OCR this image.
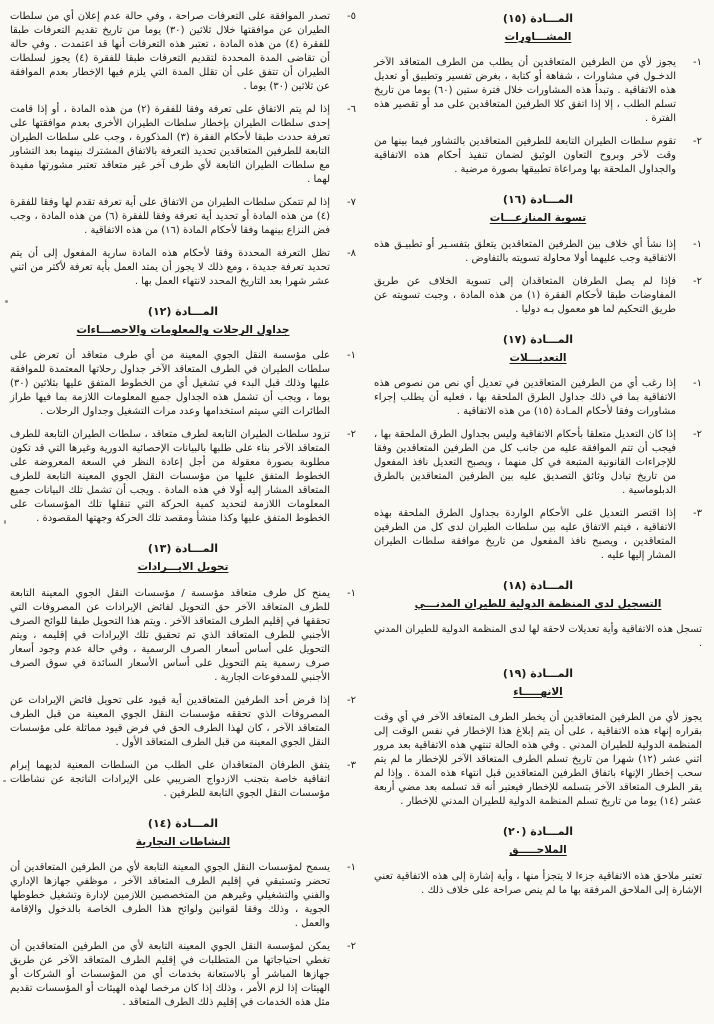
المـــادة (١٥)
المشـــاورات
١-
يجوز لأي من الطرفين المتعاقدين أن يطلب من الطرف المتعاقد الآخر الدخـول في مشاورات ، شفاهة أو كتابة ، بغرض تفسير وتطبيق أو تعديل هذه الاتفاقية . وتبدأ هذه المشاورات خلال فترة ستين (٦٠) يوما من تاريخ تسلم الطلب ، إلا إذا اتفق كلا الطرفين المتعاقدين على مد أو تقصير هذه الفترة .
٢-
تقوم سلطات الطيران التابعة للطرفين المتعاقدين بالتشاور فيما بينها من وقت لآخر وبروح التعاون الوثيق لضمان تنفيذ أحكام هذه الاتفاقية والجداول الملحقة بها ومراعاة تطبيقها بصورة مرضية .
المـــادة (١٦)
تسوية المنازعـــات
١-
إذا نشأ أي خلاف بين الطرفين المتعاقدين يتعلق بتفسـير أو تطبيـق هذه الاتفاقية وجب عليهما أولا محاولة تسويته بالتفاوض .
٢-
فإذا لم يصل الطرفان المتعاقدان إلى تسوية الخلاف عن طريق المفاوضات طبقا لأحكام الفقرة (١) من هذه المادة ، وجبت تسويته عن طريق التحكيم لما هو معمول بـه دوليا .
المـــادة (١٧)
التعديـــلات
١-
إذا رغب أي من الطرفين المتعاقدين في تعديل أي نص من نصوص هذه الاتفاقية بما في ذلك جداول الطرق الملحقة بها ، فعليه أن يطلب إجراء مشاورات وفقا لأحكام المـادة (١٥) من هذه الاتفاقية .
٢-
إذا كان التعديل متعلقا بأحكام الاتفاقية وليس بجداول الطرق الملحقة بها ، فيجب أن تتم الموافقة عليه من جانب كل من الطرفين المتعاقدين وفقا للإجراءات القانونية المتبعة في كل منهما ، ويصبح التعديل نافذ المفعول من تاريخ تبادل وثائق التصديق عليه بين الطرفين المتعاقدين بالطرق الدبلوماسية .
٣-
إذا اقتصر التعديل على الأحكام الواردة بجداول الطرق الملحقة بهذه الاتفاقية ، فيتم الاتفاق عليه بين سلطات الطيران لدى كل من الطرفين المتعاقدين ، ويصبح نافذ المفعول من تاريخ موافقة سلطات الطيران المشار إليها عليه .
المـــادة (١٨)
التسجيل لدى المنظمة الدولية للطيران المدنـــي

تسجل هذه الاتفاقية وأية تعديلات لاحقة لها لدى المنظمة الدولية للطيران المدني .

المـــادة (١٩)
الانهـــــاء

يجوز لأي من الطرفين المتعاقدين أن يخطر الطرف المتعاقد الآخر في أي وقت بقراره إنهاء هذه الاتفاقية ، على أن يتم إبلاغ هذا الإخطار في نفس الوقت إلى المنظمة الدولية للطيران المدني . وفي هذه الحالة تنتهي هذه الاتفاقية بعد مرور اثني عشر (١٢) شهرا من تاريخ تسلم الطرف المتعاقد الآخر للإخطار ما لم يتم سحب إخطار الإنهاء باتفاق الطرفين المتعاقدين قبل انتهاء هذه المدة . وإذا لم يقر الطرف المتعاقد الآخر بتسلمه للإخطار فيعتبر أنه قد تسلمه بعد مضي أربعة عشر (١٤) يوما من تاريخ تسلم المنظمة الدولية للطيران المدني للإخطار .

المـــادة (٢٠)
الملاحـــــق

تعتبر ملاحق هذه الاتفاقية جزءا لا يتجزأ منها ، وأية إشارة إلى هذه الاتفاقية تعني الإشارة إلى الملاحق المرفقة بها ما لم ينص صراحة على خلاف ذلك .

٥-
تصدر الموافقة على التعرفات صراحة ، وفي حالة عدم إعلان أي من سلطات الطيران عن موافقتها خلال ثلاثين (٣٠) يوما من تاريخ تقديم التعرفات طبقا للفقرة (٤) من هذه المادة ، تعتبر هذه التعرفات أنها قد اعتمدت . وفي حالة أن تقاضى المدة المحددة لتقديم التعرفات طبقا للفقرة (٤) يجوز لسلطات الطيران أن تتفق على أن تقلل المدة التي يلزم فيها الإخطار بعدم الموافقة عن ثلاثين (٣٠) يوما .
٦-
إذا لم يتم الاتفاق على تعرفة وفقا للفقرة (٢) من هذه المادة ، أو إذا قامت إحدى سلطات الطيران بإخطار سلطات الطيران الأخرى بعدم موافقتها على تعرفة حددت طبقا لأحكام الفقرة (٣) المذكورة ، وجب على سلطات الطيران التابعة للطرفين المتعاقدين تحديد التعرفة بالاتفاق المشترك بينهما بعد التشاور مع سلطات الطيران التابعة لأي طرف آخر غير متعاقد تعتبر مشورتها مفيدة لهما .
٧-
إذا لم تتمكن سلطات الطيران من الاتفاق على أية تعرفة تقدم لها وفقا للفقرة (٤) من هذه المادة أو تحديد أية تعرفة وفقا للفقرة (٦) من هذه المادة ، وجب فض النزاع بينهما وفقا لأحكام المادة (١٦) من هذه الاتفاقية .
٨-
تظل التعرفة المحددة وفقا لأحكام هذه المادة سارية المفعول إلى أن يتم تحديد تعرفة جديدة ، ومع ذلك لا يجوز أن يمتد العمل بأية تعرفة لأكثر من اثني عشر شهرا بعد التاريخ المحدد لانتهاء العمل بها .
المـــادة (١٢)
جداول الرحلات والمعلومات والاحصـــاءات
١-
على مؤسسة النقل الجوي المعينة من أي طرف متعاقد أن تعرض على سلطات الطيران في الطرف المتعاقد الآخر جداول رحلاتها المعتمدة للموافقة عليها وذلك قبل البدء في تشغيل أي من الخطوط المتفق عليها بثلاثين (٣٠) يوما ، ويجب أن تشمل هذه الجداول جميع المعلومات اللازمة بما فيها طراز الطائرات التي سيتم استخدامها وعدد مرات التشغيل وجداول الرحلات .
٢-
تزود سلطات الطيران التابعة لطرف متعاقد ، سلطات الطيران التابعة للطرف المتعاقد الآخر بناء على طلبها بالبيانات الإحصائية الدورية وغيرها التي قد تكون مطلوبة بصورة معقولة من أجل إعادة النظر في السعة المعروضة على الخطوط المتفق عليها من مؤسسات النقل الجوي المعينة التابعة للطرف المتعاقد المشار إليه أولا في هذه المادة . ويجب أن تشمل تلك البيانات جميع المعلومات اللازمة لتحديد كمية الحركة التي تنقلها تلك المؤسسات على الخطوط المتفق عليها وكذا منشأ ومقصد تلك الحركة وجهتها المقصودة .
المـــادة (١٣)
تحويل الايـــرادات
١-
يمنح كل طرف متعاقد مؤسسة / مؤسسات النقل الجوي المعينة التابعة للطرف المتعاقد الآخر حق التحويل لفائض الإيرادات عن المصروفات التي تحققها في إقليم الطرف المتعاقد الآخر . ويتم هذا التحويل طبقا للوائح الصرف الأجنبي للطرف المتعاقد الذي تم تحقيق تلك الإيرادات في إقليمه ، ويتم التحويل على أساس أسعار الصرف الرسمية ، وفي حالة عدم وجود أسعار صرف رسمية يتم التحويل على أساس الأسعار السائدة في سوق الصرف الأجنبي للمدفوعات الجارية .
٢-
إذا فرض أحد الطرفين المتعاقدين أية قيود على تحويل فائض الإيرادات عن المصروفات الذي تحققه مؤسسات النقل الجوي المعينة من قبل الطرف المتعاقد الآخر ، كان لهذا الطرف الحق في فرض قيود مماثلة على مؤسسات النقل الجوي المعينة من قبل الطرف المتعاقد الأول .
٣-
يتفق الطرفان المتعاقدان على الطلب من السلطات المعنية لديهما إبرام اتفاقية خاصة بتجنب الازدواج الضريبي على الإيرادات الناتجة عن نشاطات مؤسسات النقل الجوي التابعة للطرفين .
المـــادة (١٤)
النشاطات التجارية
١-
يسمح لمؤسسات النقل الجوي المعينة التابعة لأي من الطرفين المتعاقدين أن تحضر وتستبقي في إقليم الطرف المتعاقد الآخر ، موظفي جهازها الإداري والفني والتشغيلي وغيرهم من المتخصصين اللازمين لإدارة وتشغيل خطوطها الجوية ، وذلك وفقا لقوانين ولوائح هذا الطرف الخاصة بالدخول والإقامة والعمل .
٢-
يمكن لمؤسسة النقل الجوي المعينة التابعة لأي من الطرفين المتعاقدين أن تغطي احتياجاتها من المتطلبات في إقليم الطرف المتعاقد الآخر عن طريق جهازها المباشر أو بالاستعانة بخدمات أي من المؤسسات أو الشركات أو الهيئات إذا لزم الأمر ، وذلك إذا كان مرخصا لهذه الهيئات أو المؤسسات تقديم مثل هذه الخدمات في إقليم ذلك الطرف المتعاقد .
